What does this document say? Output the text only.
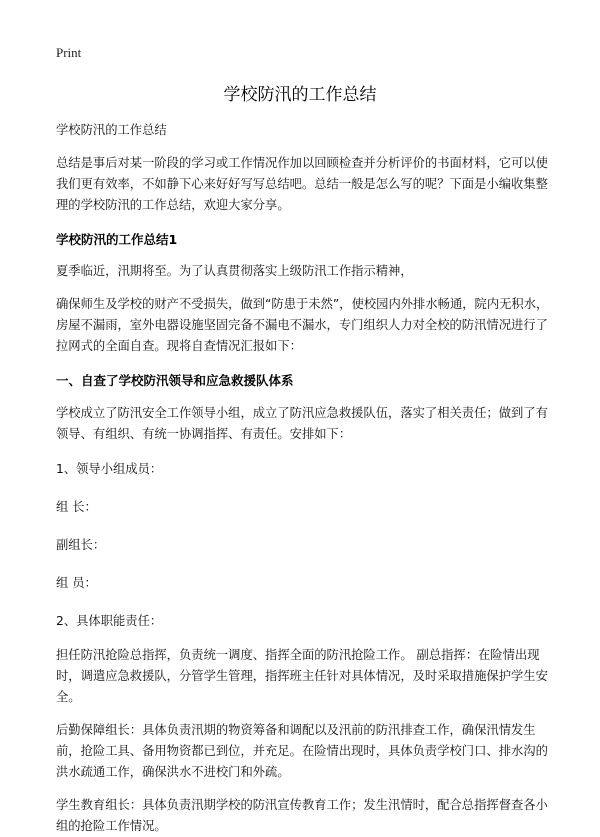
Print
学校防汛的工作总结

学校防汛的工作总结

总结是事后对某一阶段的学习或工作情况作加以回顾检查并分析评价的书面材料，它可以使我们更有效率，不如静下心来好好写写总结吧。总结一般是怎么写的呢？下面是小编收集整理的学校防汛的工作总结，欢迎大家分享。

学校防汛的工作总结1

夏季临近，汛期将至。为了认真贯彻落实上级防汛工作指示精神，

确保师生及学校的财产不受损失，做到“防患于未然”，使校园内外排水畅通，院内无积水，房屋不漏雨，室外电器设施坚固完备不漏电不漏水，专门组织人力对全校的防汛情况进行了拉网式的全面自查。现将自查情况汇报如下：

一、自查了学校防汛领导和应急救援队体系

学校成立了防汛安全工作领导小组，成立了防汛应急救援队伍，落实了相关责任；做到了有领导、有组织、有统一协调指挥、有责任。安排如下：

1、领导小组成员：

组 长：

副组长：

组 员：

2、具体职能责任：

担任防汛抢险总指挥，负责统一调度、指挥全面的防汛抢险工作。 副总指挥：在险情出现时，调遣应急救援队，分管学生管理，指挥班主任针对具体情况，及时采取措施保护学生安全。

后勤保障组长：具体负责汛期的物资筹备和调配以及汛前的防汛排查工作，确保汛情发生前，抢险工具、备用物资都已到位，并充足。在险情出现时，具体负责学校门口、排水沟的洪水疏通工作，确保洪水不进校门和外疏。

学生教育组长：具体负责汛期学校的防汛宣传教育工作；发生汛情时，配合总指挥督查各小组的抢险工作情况。
